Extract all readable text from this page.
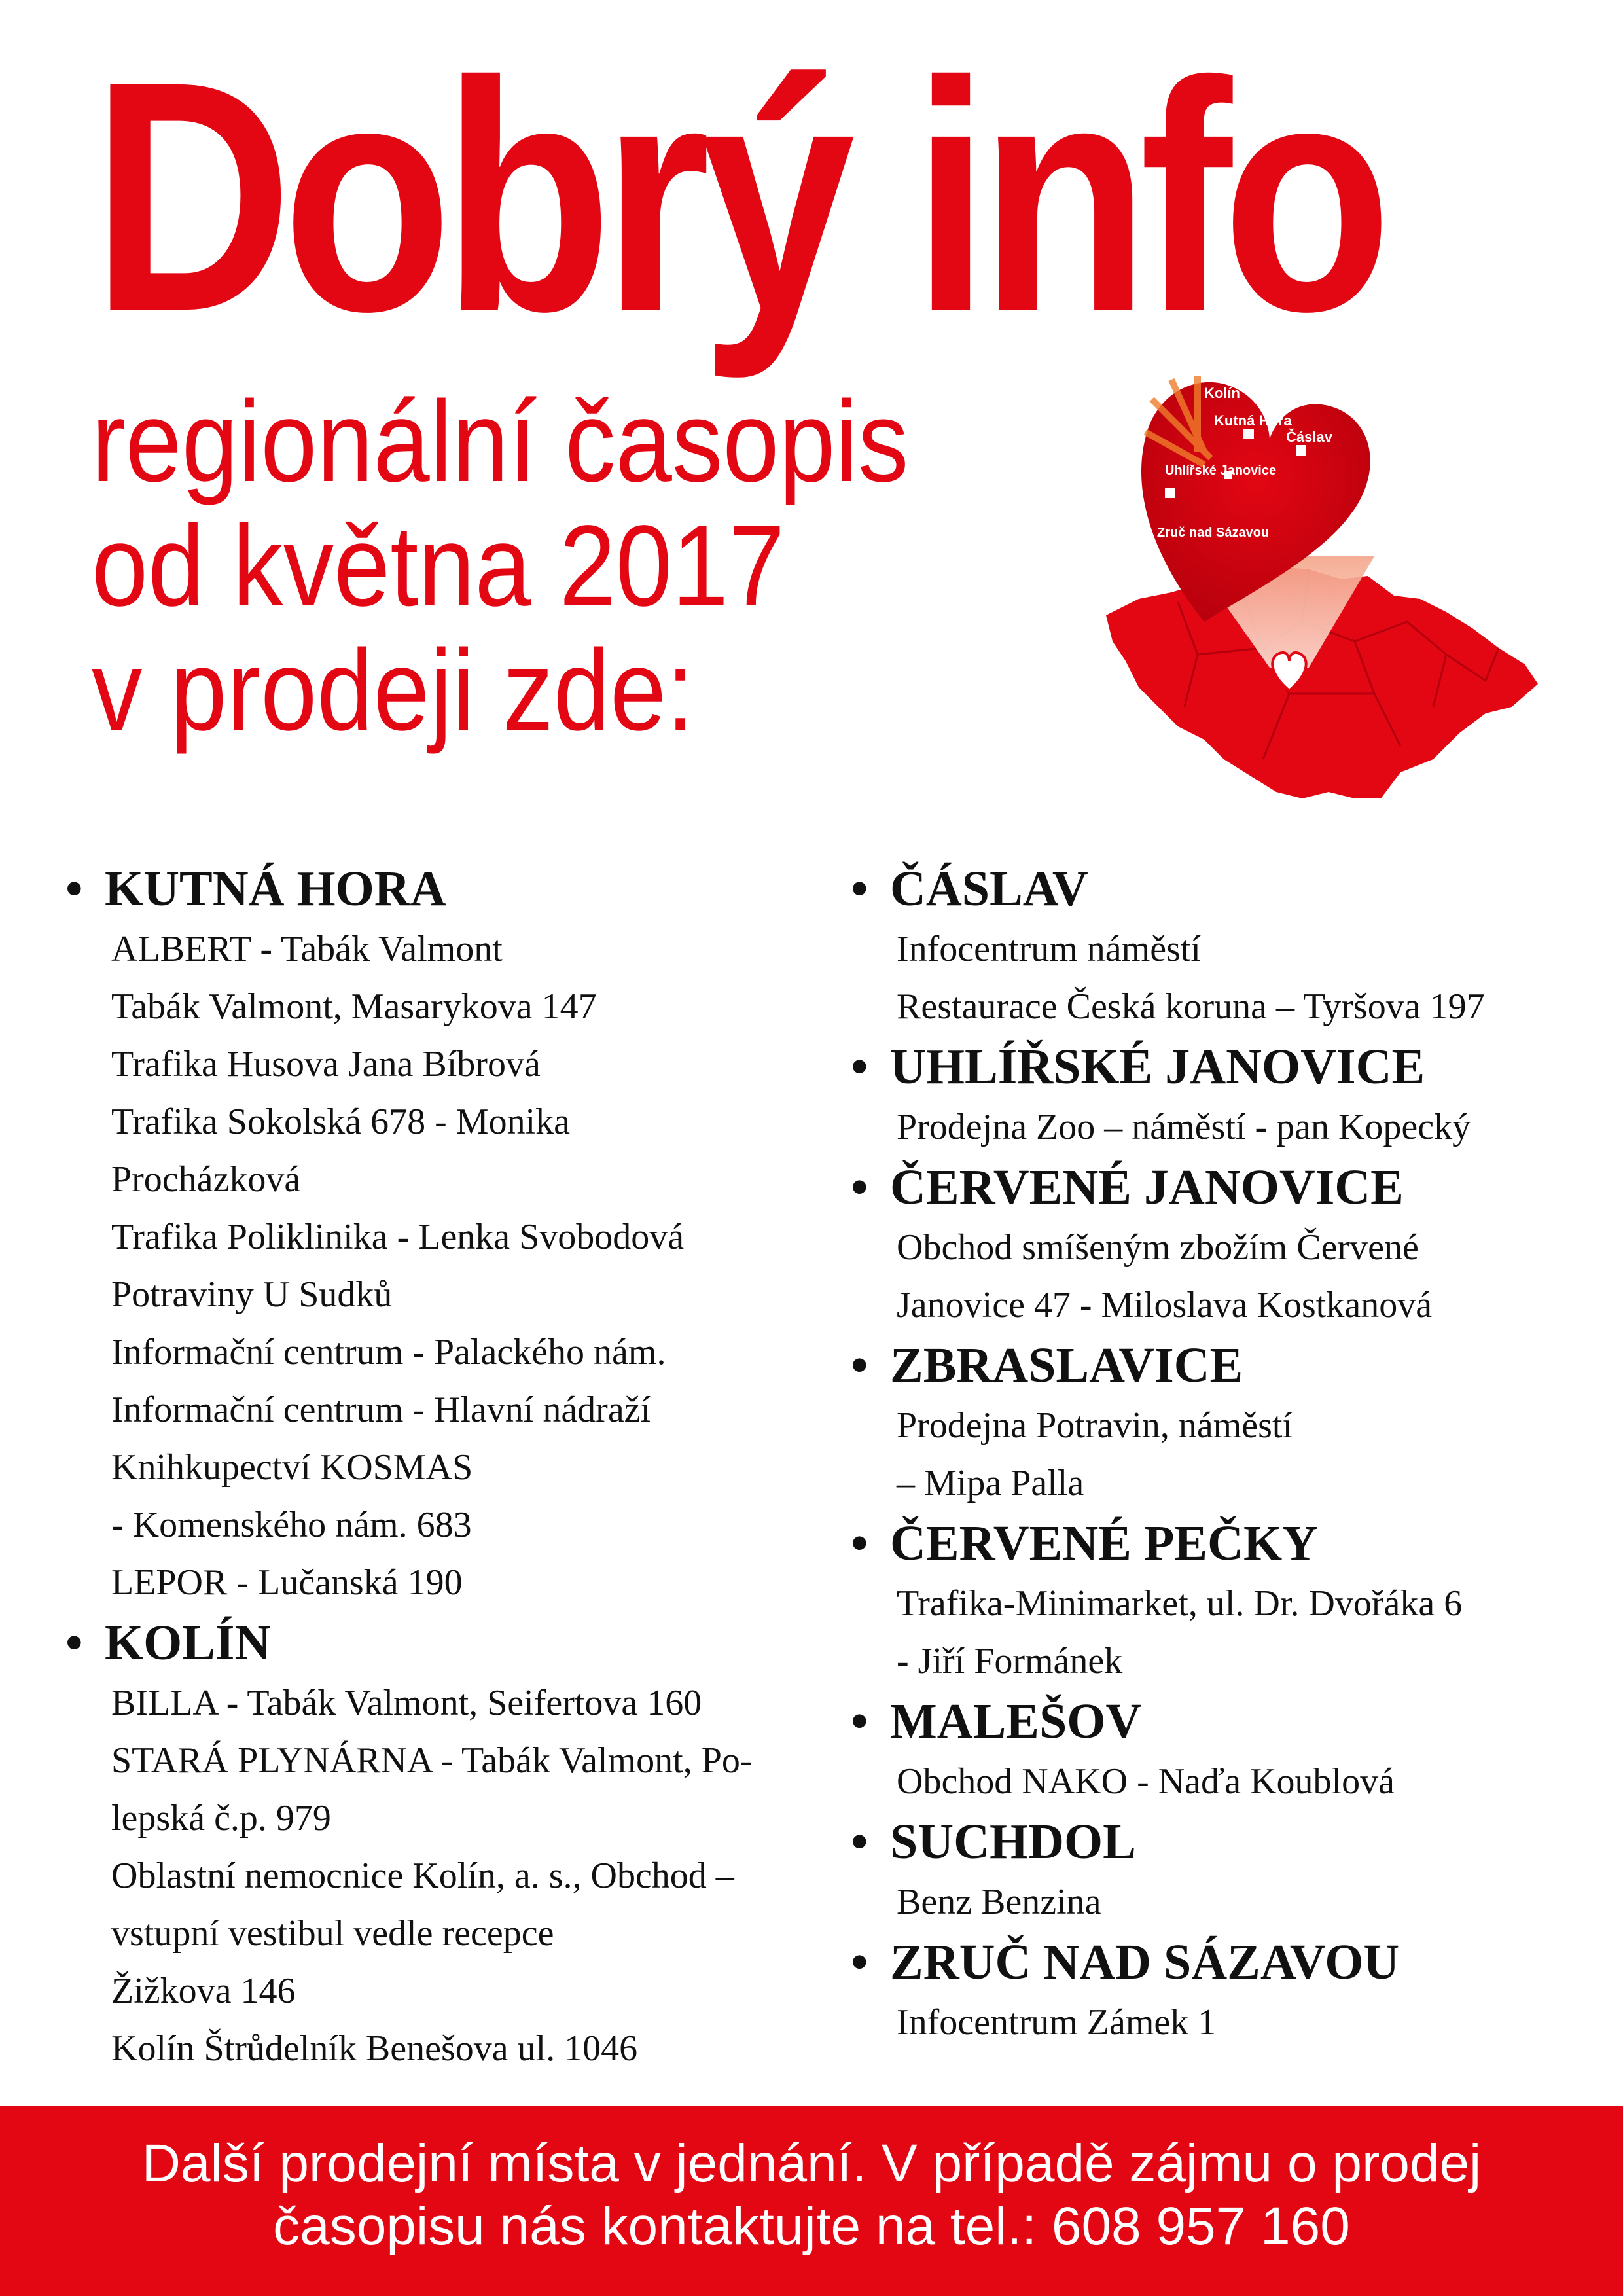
Dobrý info
regionální časopis
od května 2017
v prodeji zde:
Kolín
Kutná Hora
Čáslav
Uhlířské Janovice
Zruč nad Sázavou
• KUTNÁ HORA
ALBERT - Tabák Valmont
Tabák Valmont, Masarykova 147
Trafika Husova Jana Bíbrová
Trafika Sokolská 678 - Monika
Procházková
Trafika Poliklinika - Lenka Svobodová
Potraviny U Sudků
Informační centrum - Palackého nám.
Informační centrum - Hlavní nádraží
Knihkupectví KOSMAS
- Komenského nám. 683
LEPOR - Lučanská 190
• KOLÍN
BILLA - Tabák Valmont, Seifertova 160
STARÁ PLYNÁRNA - Tabák Valmont, Po-
lepská č.p. 979
Oblastní nemocnice Kolín, a. s., Obchod –
vstupní vestibul vedle recepce
Žižkova 146
Kolín Štrůdelník Benešova ul. 1046
• ČÁSLAV
Infocentrum náměstí
Restaurace Česká koruna – Tyršova 197
• UHLÍŘSKÉ JANOVICE
Prodejna Zoo – náměstí - pan Kopecký
• ČERVENÉ JANOVICE
Obchod smíšeným zbožím Červené
Janovice 47 - Miloslava Kostkanová
• ZBRASLAVICE
Prodejna Potravin, náměstí
– Mipa Palla
• ČERVENÉ PEČKY
Trafika-Minimarket, ul. Dr. Dvořáka 6
- Jiří Formánek
• MALEŠOV
Obchod NAKO - Naďa Koublová
• SUCHDOL
Benz Benzina
• ZRUČ NAD SÁZAVOU
Infocentrum Zámek 1
Další prodejní místa v jednání. V případě zájmu o prodej
časopisu nás kontaktujte na tel.: 608 957 160
